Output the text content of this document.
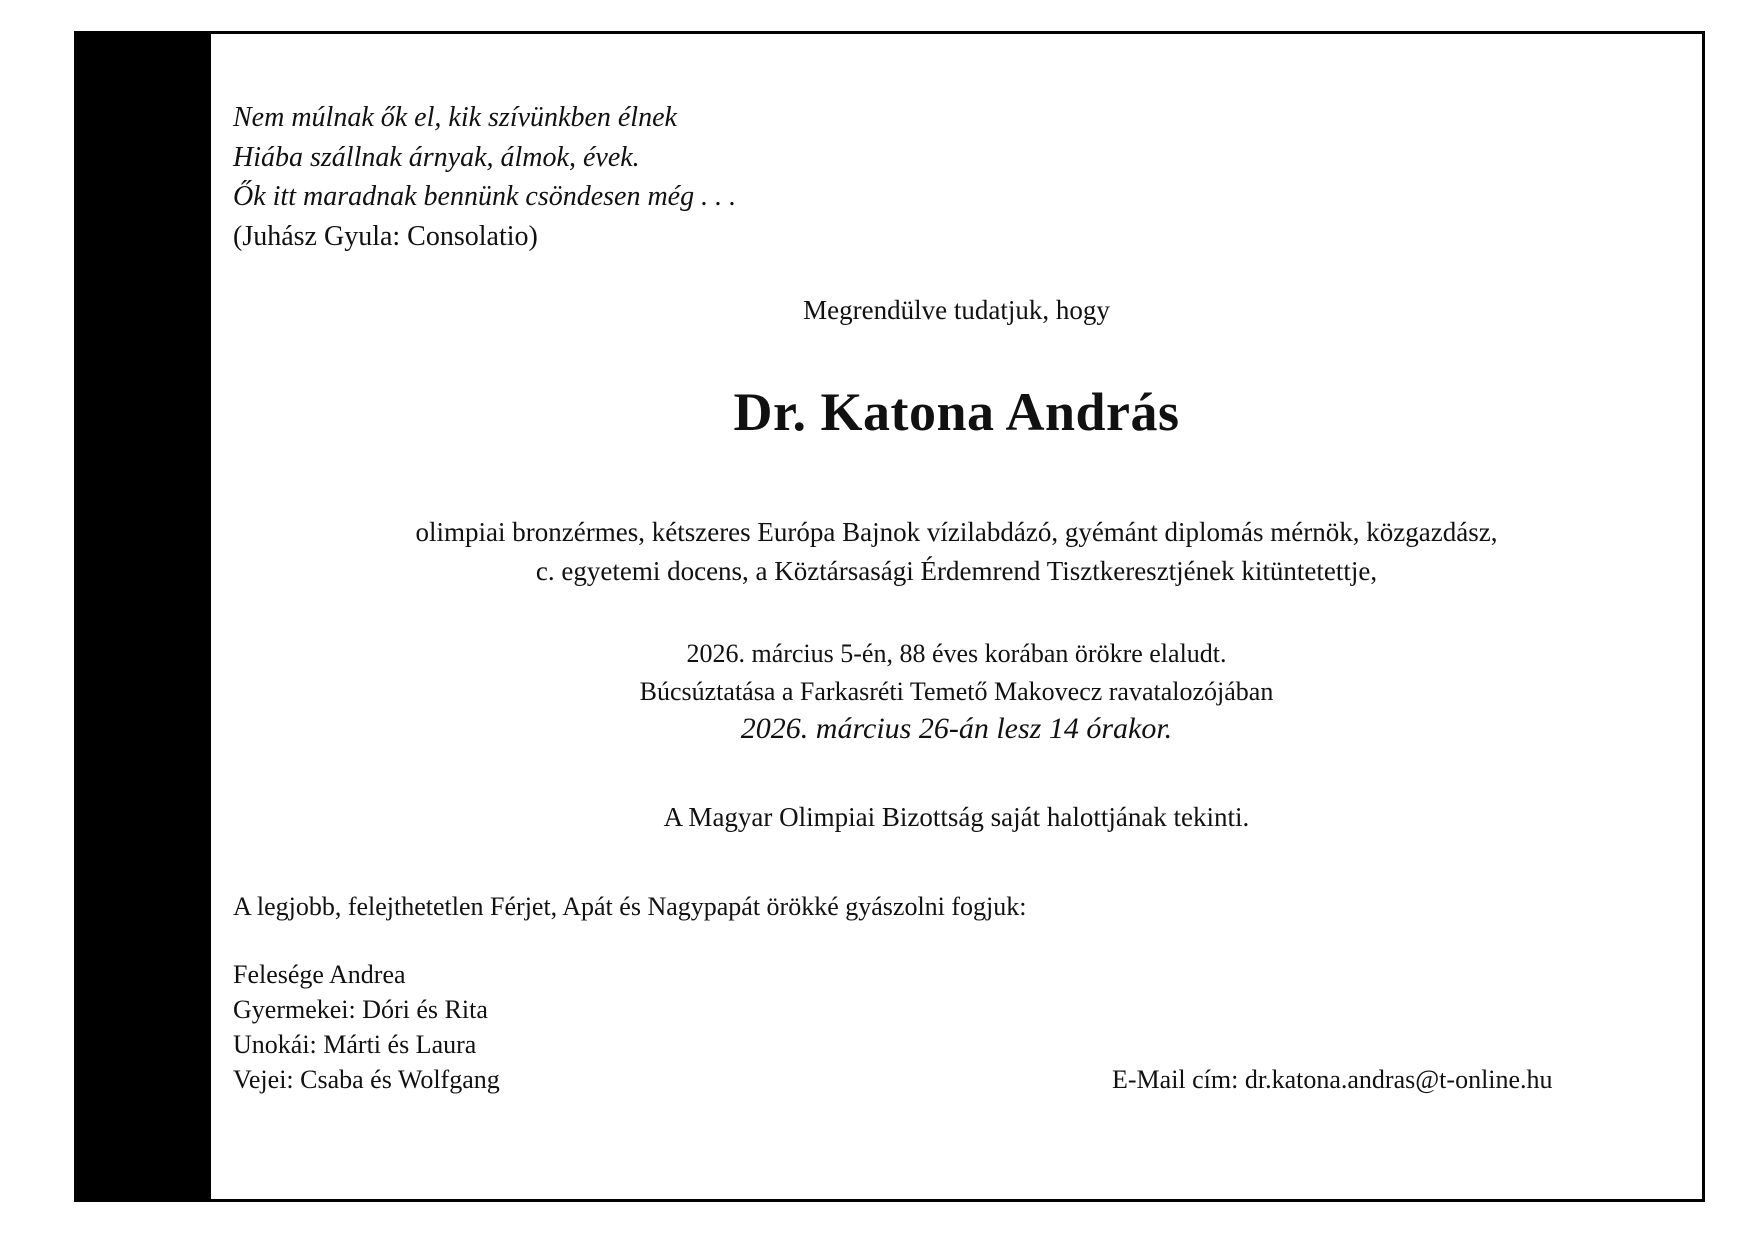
Nem múlnak ők el, kik szívünkben élnek
Hiába szállnak árnyak, álmok, évek.
Ők itt maradnak bennünk csöndesen még . . .
(Juhász Gyula: Consolatio)

Megrendülve tudatjuk, hogy

Dr. Katona András

olimpiai bronzérmes, kétszeres Európa Bajnok vízilabdázó, gyémánt diplomás mérnök, közgazdász,
c. egyetemi docens, a Köztársasági Érdemrend Tisztkeresztjének kitüntetettje,

2026. március 5-én, 88 éves korában örökre elaludt.
Búcsúztatása a Farkasréti Temető Makovecz ravatalozójában
2026. március 26-án lesz 14 órakor.

A Magyar Olimpiai Bizottság saját halottjának tekinti.

A legjobb, felejthetetlen Férjet, Apát és Nagypapát örökké gyászolni fogjuk:

Felesége Andrea
Gyermekei: Dóri és Rita
Unokái: Márti és Laura
Vejei: Csaba és Wolfgang	E-Mail cím: dr.katona.andras@t-online.hu
